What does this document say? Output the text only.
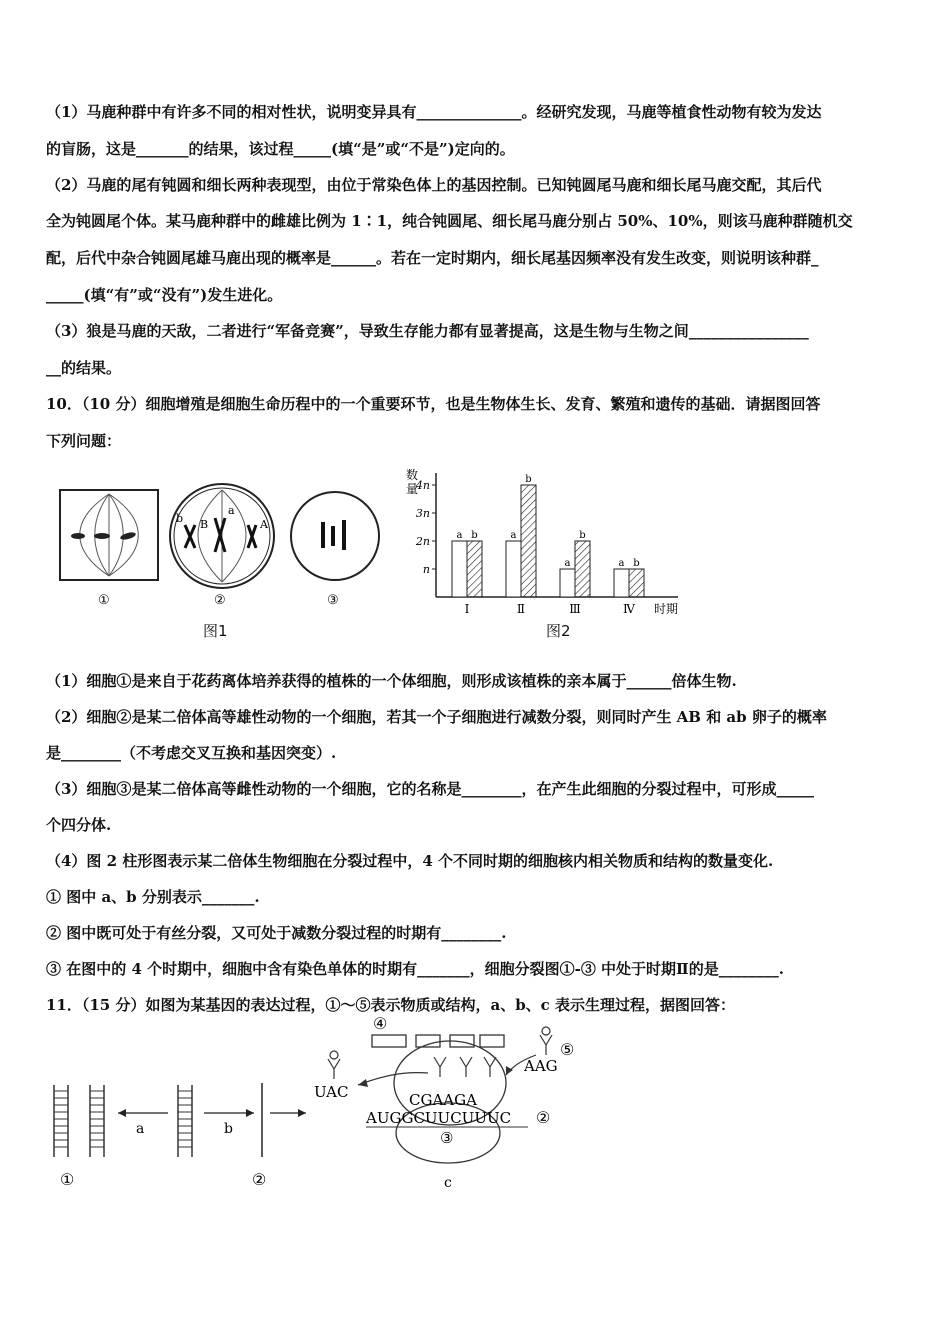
（1）马鹿种群中有许多不同的相对性状，说明变异具有______________。经研究发现，马鹿等植食性动物有较为发达
的盲肠，这是_______的结果，该过程_____(填“是”或“不是”)定向的。
（2）马鹿的尾有钝圆和细长两种表现型，由位于常染色体上的基因控制。已知钝圆尾马鹿和细长尾马鹿交配，其后代
全为钝圆尾个体。某马鹿种群中的雌雄比例为 1∶1，纯合钝圆尾、细长尾马鹿分别占 50%、10%，则该马鹿种群随机交
配，后代中杂合钝圆尾雄马鹿出现的概率是______。若在一定时期内，细长尾基因频率没有发生改变，则说明该种群_
_____(填“有”或“没有”)发生进化。
（3）狼是马鹿的天敌，二者进行“军备竞赛”，导致生存能力都有显著提高，这是生物与生物之间________________
__的结果。
10．（10 分）细胞增殖是细胞生命历程中的一个重要环节，也是生物体生长、发育、繁殖和遗传的基础．请据图回答
下列问题：
①
b B
a
A
②	③
图1
数
量
n
2n
3n
4n
a b
Ⅰ
a
b
Ⅱ
a
b
Ⅲ
a b
Ⅳ 时期
图2
（1）细胞①是来自于花药离体培养获得的植株的一个体细胞，则形成该植株的亲本属于______倍体生物.
（2）细胞②是某二倍体高等雄性动物的一个细胞，若其一个子细胞进行减数分裂，则同时产生 AB 和 ab 卵子的概率
是________（不考虑交叉互换和基因突变）.
（3）细胞③是某二倍体高等雌性动物的一个细胞，它的名称是________，在产生此细胞的分裂过程中，可形成_____
个四分体.
（4）图 2 柱形图表示某二倍体生物细胞在分裂过程中，4 个不同时期的细胞核内相关物质和结构的数量变化.
① 图中 a、b 分别表示_______.
② 图中既可处于有丝分裂，又可处于减数分裂过程的时期有________.
③ 在图中的 4 个时期中，细胞中含有染色单体的时期有_______，细胞分裂图①-③ 中处于时期Ⅱ的是________.
11．（15 分）如图为某基因的表达过程，①～⑤表示物质或结构，a、b、c 表示生理过程，据图回答：
a	b
①	②
③
c
④
UAC
AAG
⑤
CGAAGA
AUGGCUUCUUUC ②
